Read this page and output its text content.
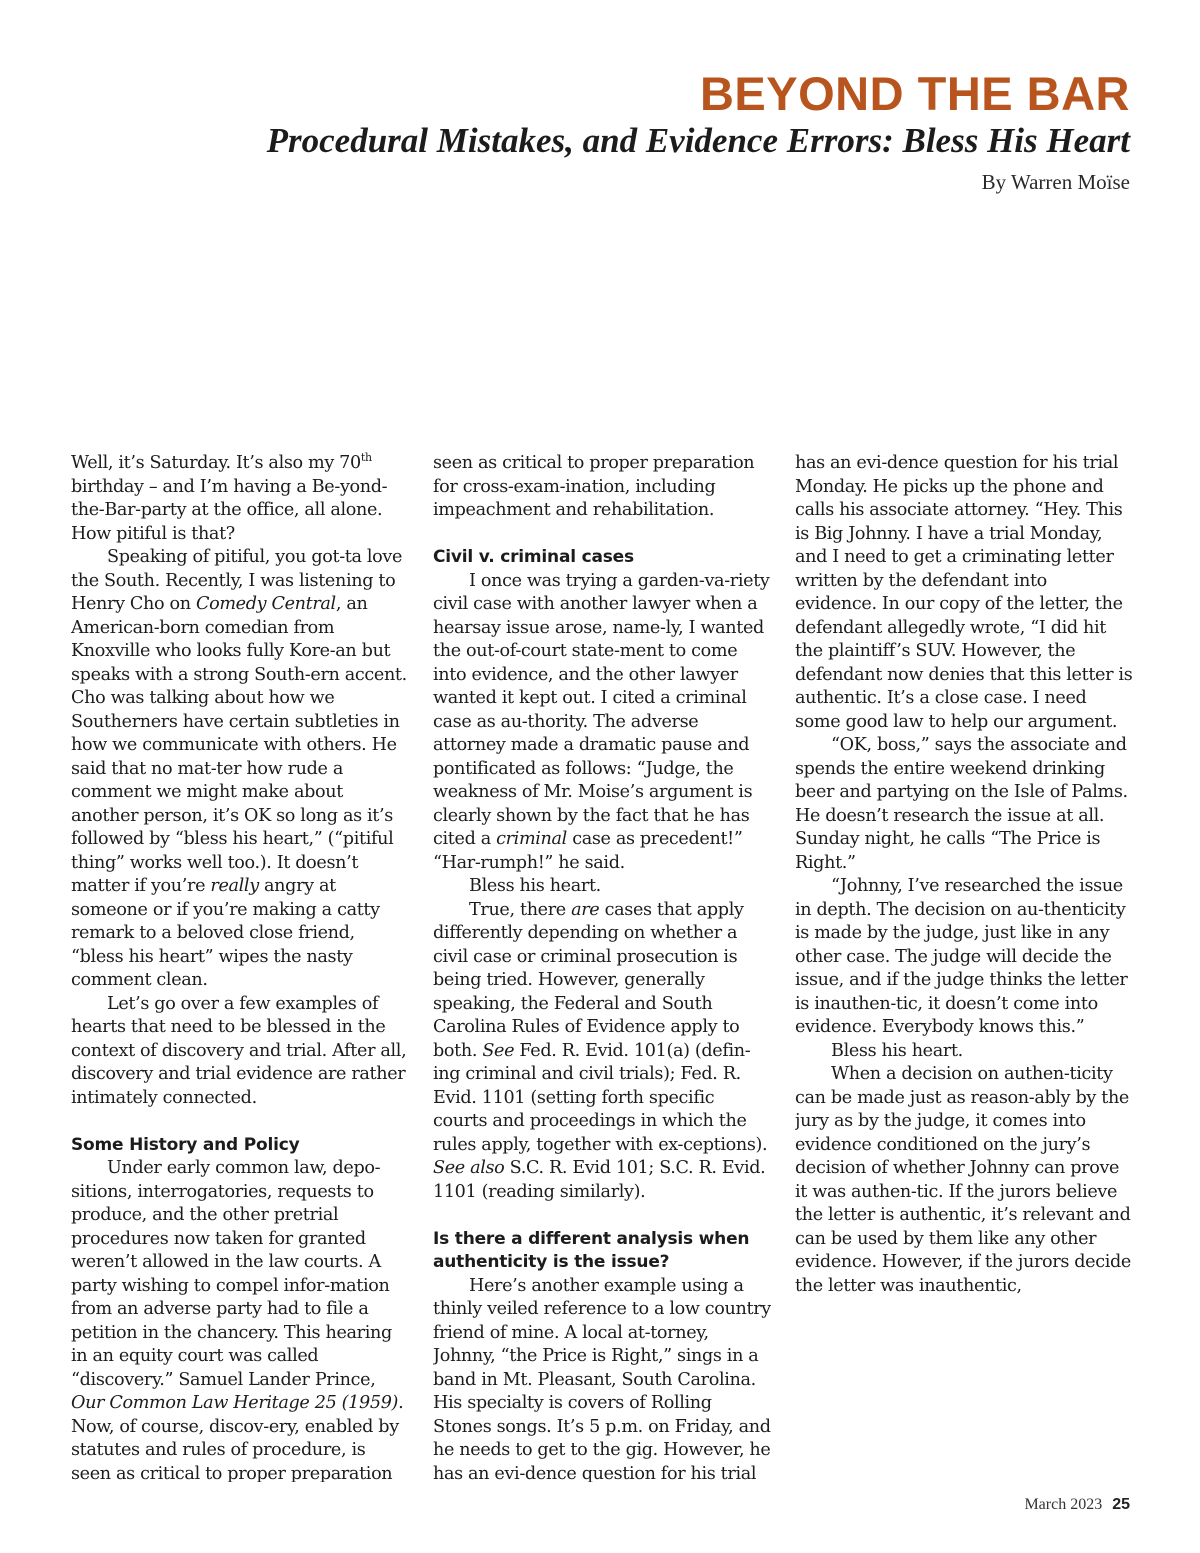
BEYOND THE BAR
Procedural Mistakes, and Evidence Errors: Bless His Heart
By Warren Moïse

Well, it’s Saturday. It’s also my 70th birthday – and I’m having a Be-yond-the-Bar-party at the office, all alone. How pitiful is that?

Speaking of pitiful, you got-ta love the South. Recently, I was listening to Henry Cho on Comedy Central, an American-born comedian from Knoxville who looks fully Kore-an but speaks with a strong South-ern accent. Cho was talking about how we Southerners have certain subtleties in how we communicate with others. He said that no mat-ter how rude a comment we might make about another person, it’s OK so long as it’s followed by “bless his heart,” (“pitiful thing” works well too.). It doesn’t matter if you’re really angry at someone or if you’re making a catty remark to a beloved close friend, “bless his heart” wipes the nasty comment clean.

Let’s go over a few examples of hearts that need to be blessed in the context of discovery and trial. After all, discovery and trial evidence are rather intimately connected.

Some History and Policy

Under early common law, depo-sitions, interrogatories, requests to produce, and the other pretrial procedures now taken for granted weren’t allowed in the law courts. A party wishing to compel infor-mation from an adverse party had to file a petition in the chancery. This hearing in an equity court was called “discovery.” Samuel Lander Prince, Our Common Law Heritage 25 (1959). Now, of course, discov-ery, enabled by statutes and rules of procedure, is seen as critical to proper preparation

seen as critical to proper preparation for cross-exam-ination, including impeachment and rehabilitation.

Civil v. criminal cases

I once was trying a garden-va-riety civil case with another lawyer when a hearsay issue arose, name-ly, I wanted the out-of-court state-ment to come into evidence, and the other lawyer wanted it kept out. I cited a criminal case as au-thority. The adverse attorney made a dramatic pause and pontificated as follows: “Judge, the weakness of Mr. Moise’s argument is clearly shown by the fact that he has cited a criminal case as precedent!” “Har-rumph!” he said.

Bless his heart.

True, there are cases that apply differently depending on whether a civil case or criminal prosecution is being tried. However, generally speaking, the Federal and South Carolina Rules of Evidence apply to both. See Fed. R. Evid. 101(a) (defin-ing criminal and civil trials); Fed. R. Evid. 1101 (setting forth specific courts and proceedings in which the rules apply, together with ex-ceptions). See also S.C. R. Evid 101; S.C. R. Evid. 1101 (reading similarly).

Is there a different analysis when authenticity is the issue?

Here’s another example using a thinly veiled reference to a low country friend of mine. A local at-torney, Johnny, “the Price is Right,” sings in a band in Mt. Pleasant, South Carolina. His specialty is covers of Rolling Stones songs. It’s 5 p.m. on Friday, and he needs to get to the gig. However, he has an evi-dence question for his trial

has an evi-dence question for his trial Monday. He picks up the phone and calls his associate attorney. “Hey. This is Big Johnny. I have a trial Monday, and I need to get a criminating letter written by the defendant into evidence. In our copy of the letter, the defendant allegedly wrote, “I did hit the plaintiff’s SUV. However, the defendant now denies that this letter is authentic. It’s a close case. I need some good law to help our argument.

“OK, boss,” says the associate and spends the entire weekend drinking beer and partying on the Isle of Palms. He doesn’t research the issue at all. Sunday night, he calls “The Price is Right.”

“Johnny, I’ve researched the issue in depth. The decision on au-thenticity is made by the judge, just like in any other case. The judge will decide the issue, and if the judge thinks the letter is inauthen-tic, it doesn’t come into evidence. Everybody knows this.”

Bless his heart.

When a decision on authen-ticity can be made just as reason-ably by the jury as by the judge, it comes into evidence conditioned on the jury’s decision of whether Johnny can prove it was authen-tic. If the jurors believe the letter is authentic, it’s relevant and can be used by them like any other evidence. However, if the jurors decide the letter was inauthentic,

March 2023 25
